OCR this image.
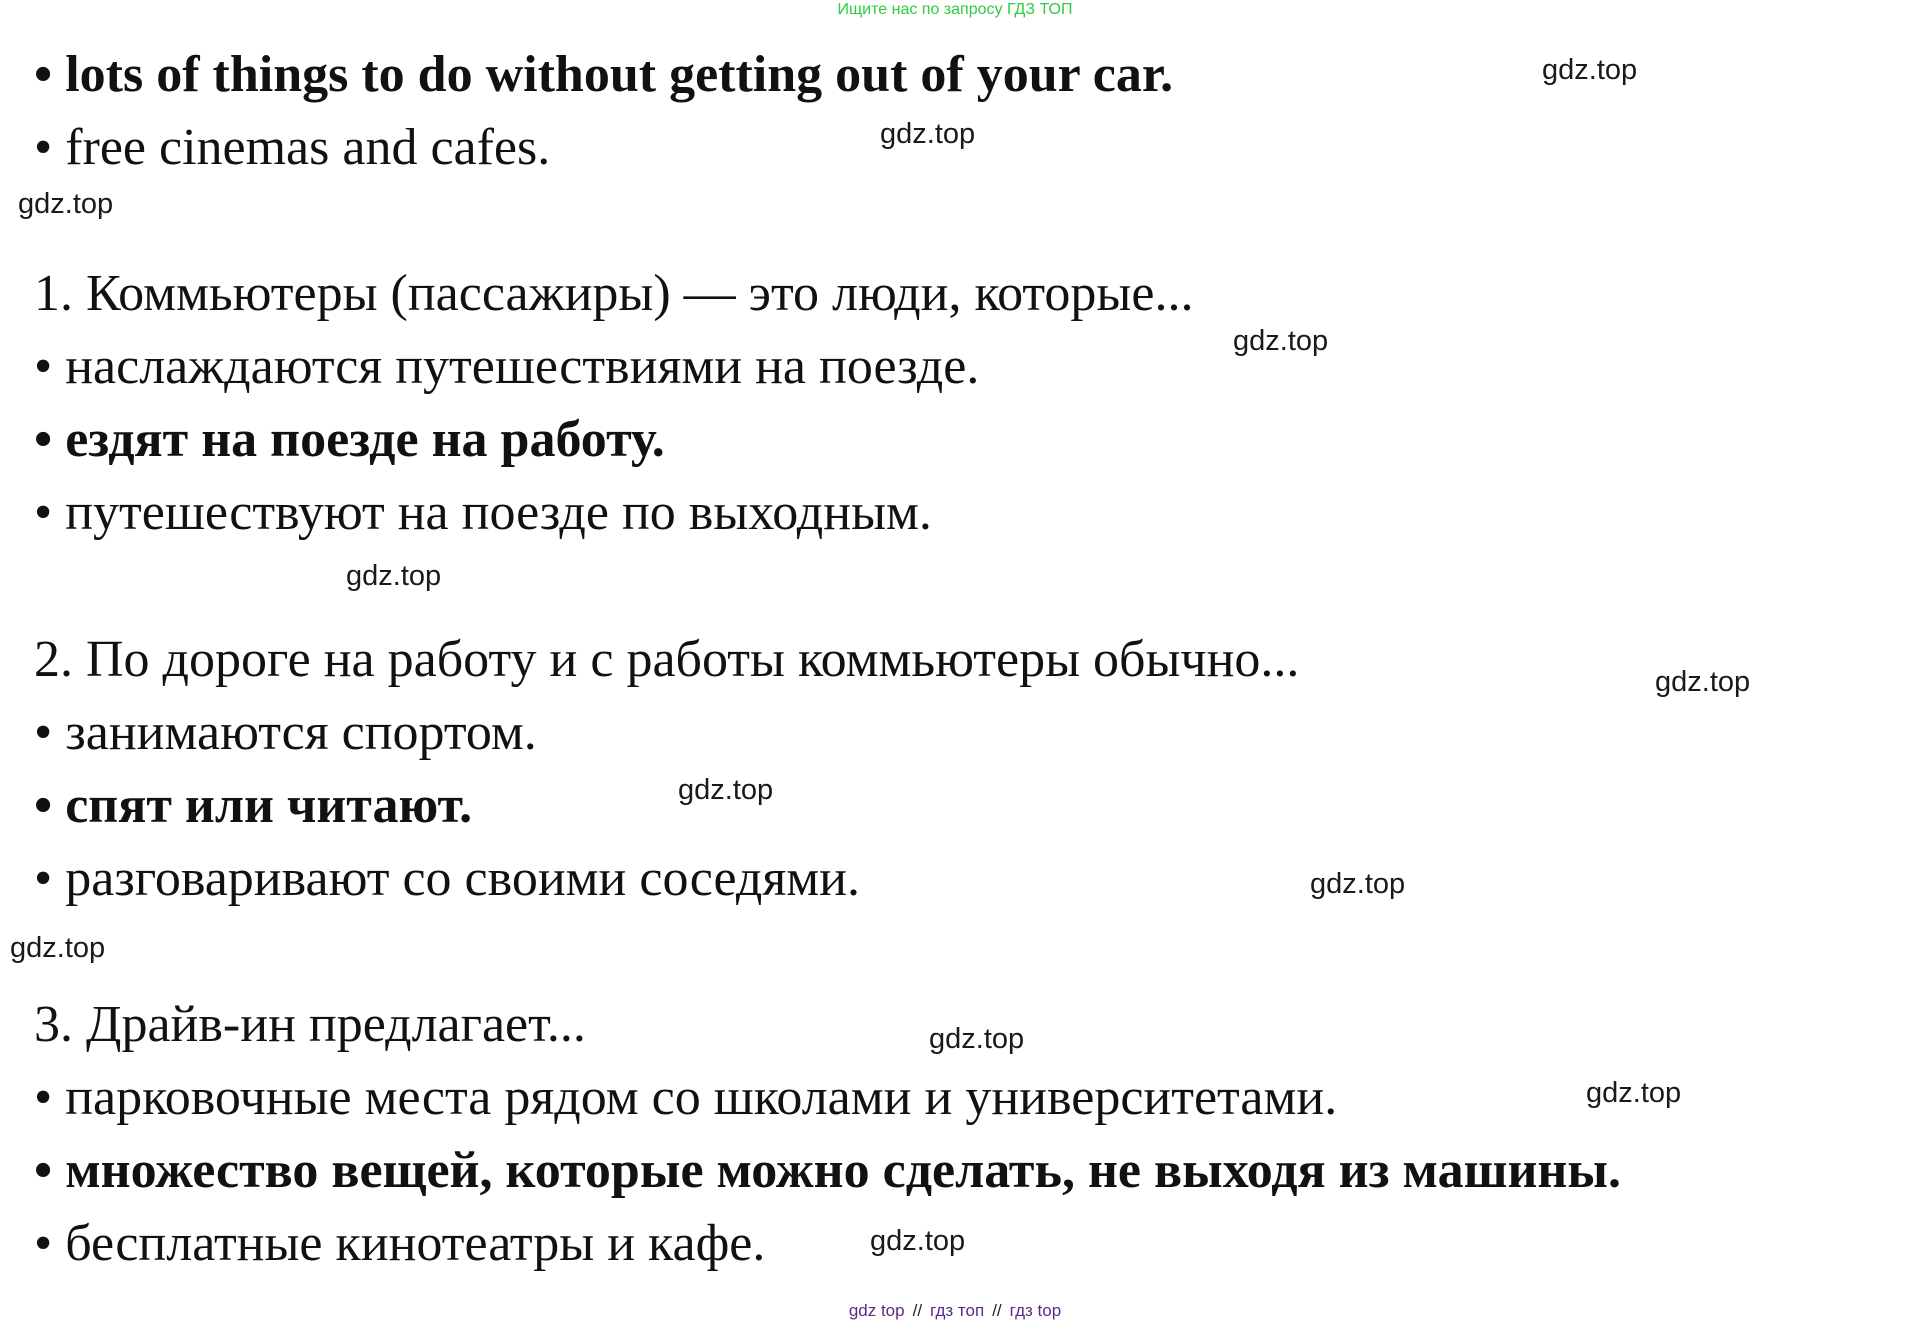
Ищите нас по запросу ГДЗ ТОП
• lots of things to do without getting out of your car.
• free cinemas and cafes.
1. Коммьютеры (пассажиры) — это люди, которые...
• наслаждаются путешествиями на поезде.
• ездят на поезде на работу.
• путешествуют на поезде по выходным.
2. По дороге на работу и с работы коммьютеры обычно...
• занимаются спортом.
• спят или читают.
• разговаривают со своими соседями.
3. Драйв-ин предлагает...
• парковочные места рядом со школами и университетами.
• множество вещей, которые можно сделать, не выходя из машины.
• бесплатные кинотеатры и кафе.
gdz.top
gdz.top
gdz.top
gdz.top
gdz.top
gdz.top
gdz.top
gdz.top
gdz.top
gdz.top
gdz.top
gdz.top
gdz top // гдз топ // гдз top
